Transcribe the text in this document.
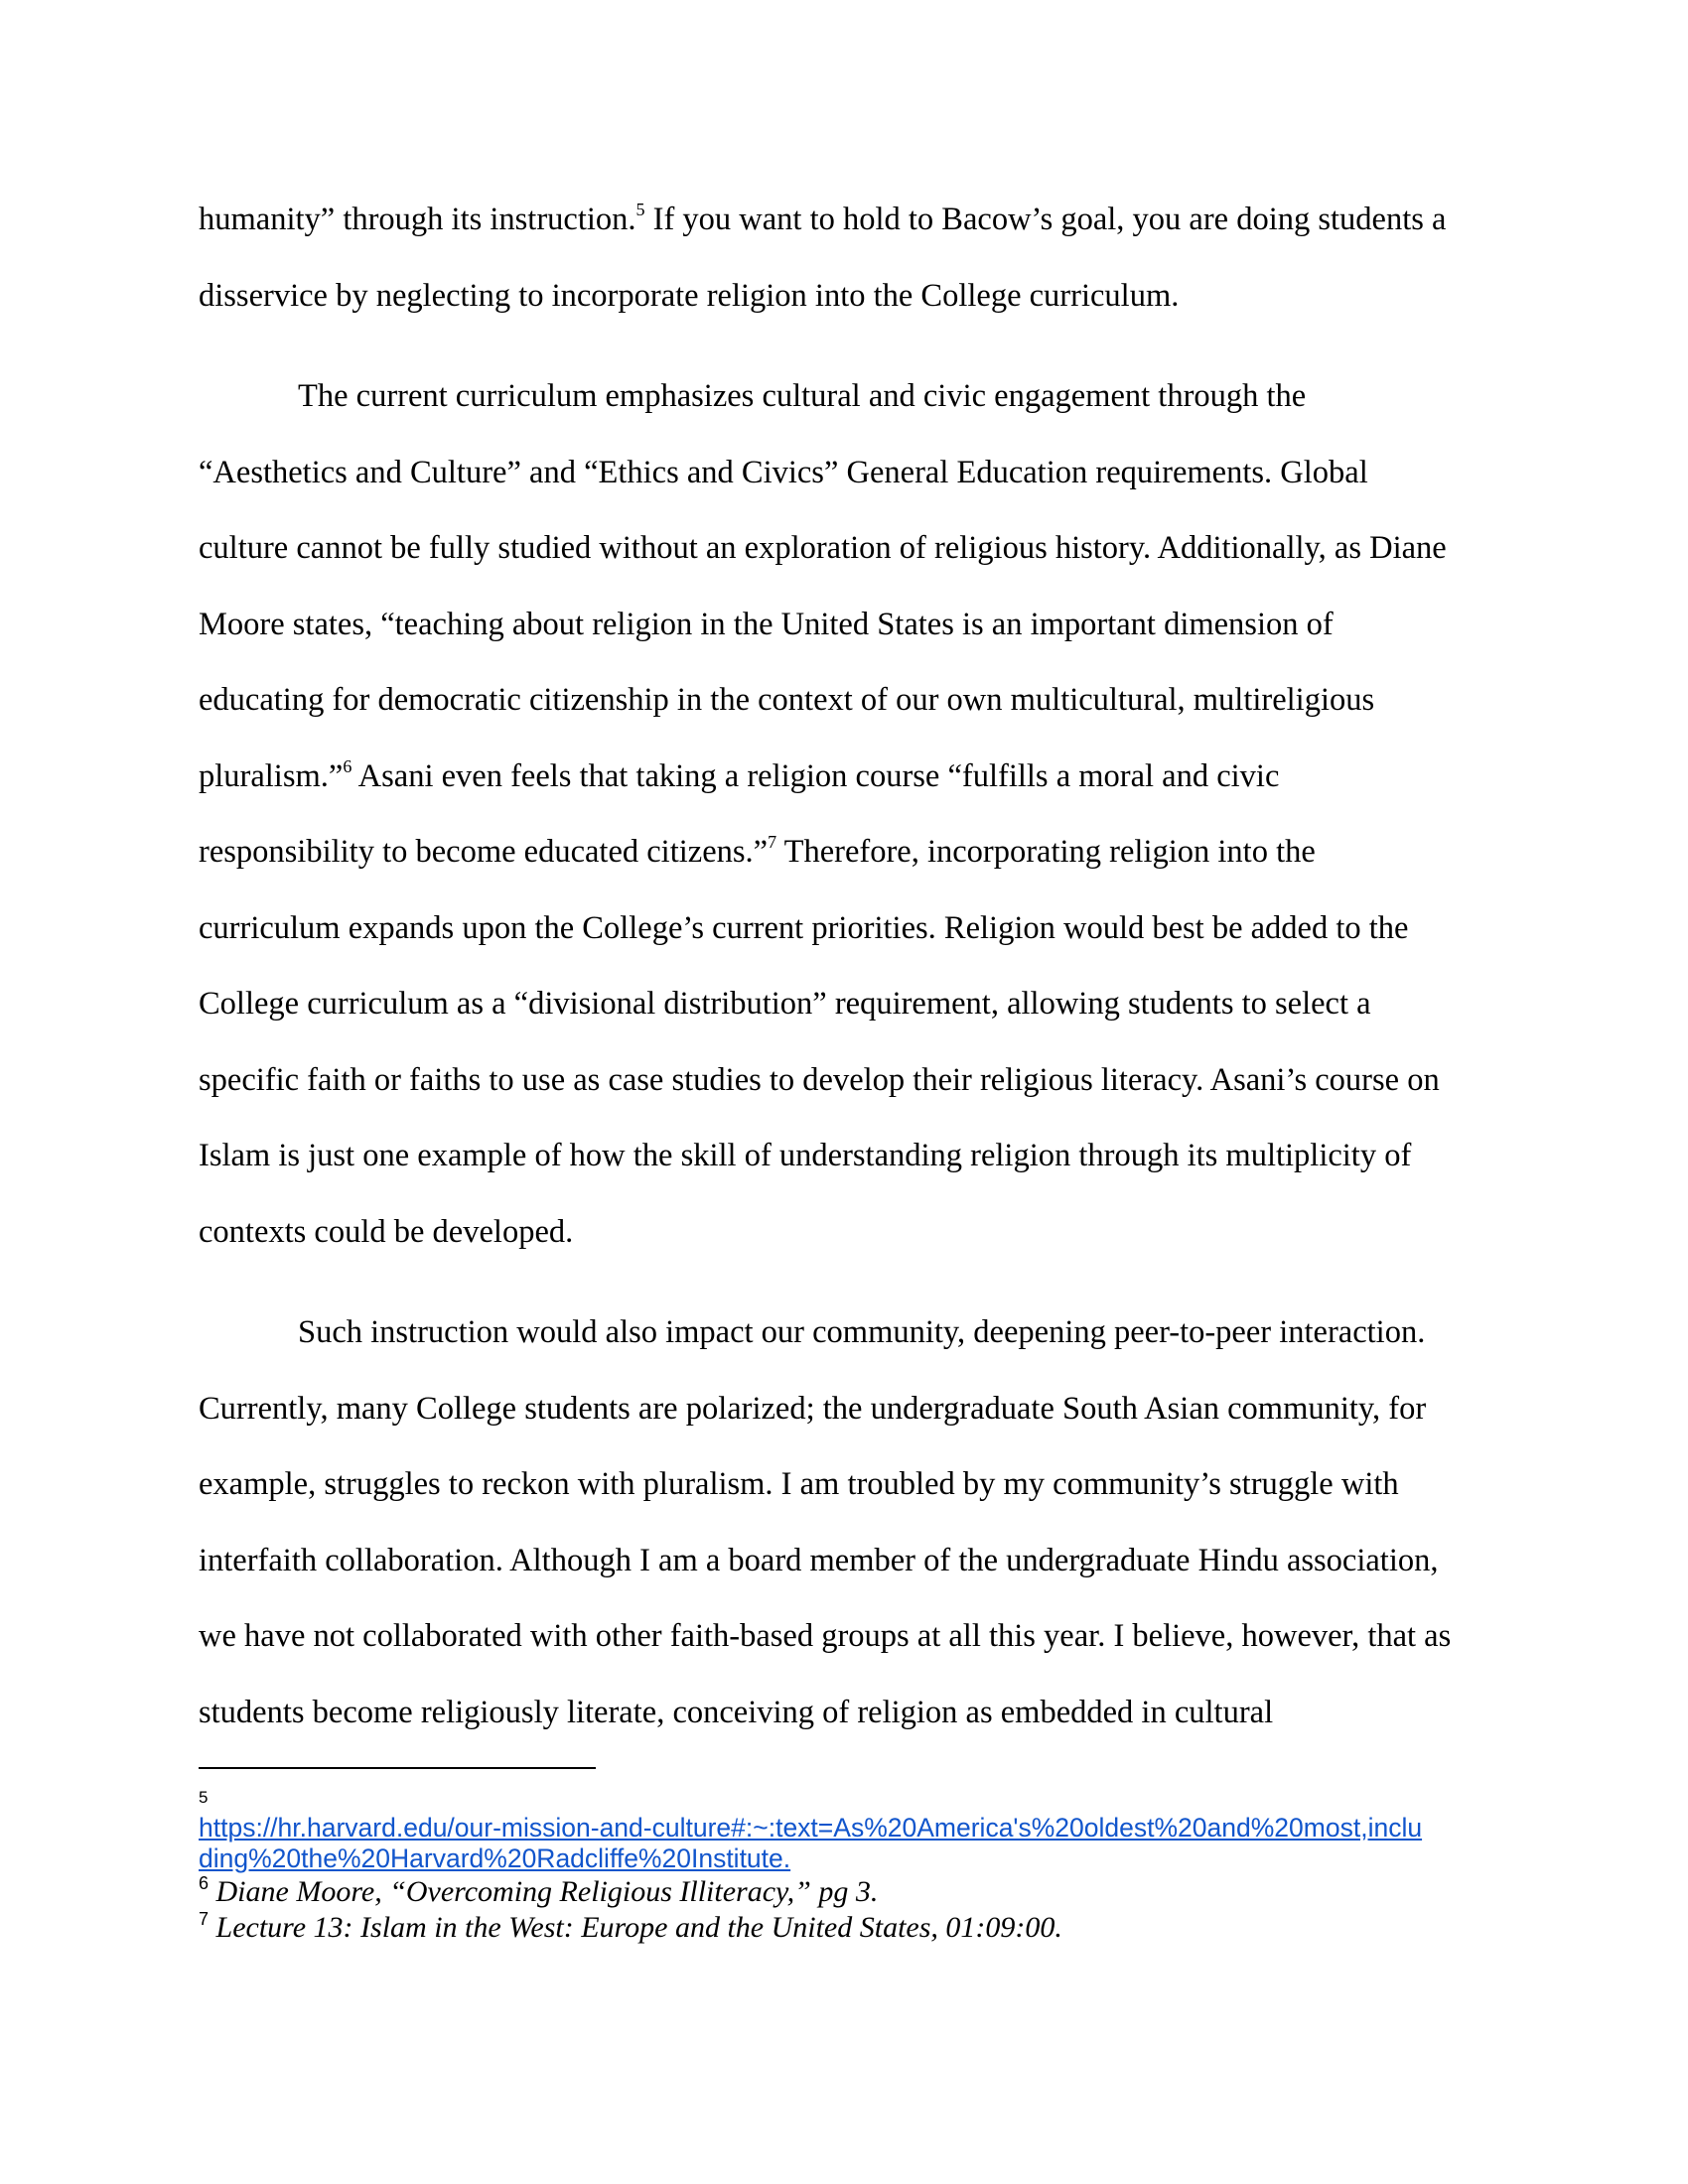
humanity” through its instruction.$^5$ If you want to hold to Bacow’s goal, you are doing students a
disservice by neglecting to incorporate religion into the College curriculum.
The current curriculum emphasizes cultural and civic engagement through the
“Aesthetics and Culture” and “Ethics and Civics” General Education requirements. Global
culture cannot be fully studied without an exploration of religious history. Additionally, as Diane
Moore states, “teaching about religion in the United States is an important dimension of
educating for democratic citizenship in the context of our own multicultural, multireligious
pluralism.”$^6$ Asani even feels that taking a religion course “fulfills a moral and civic
responsibility to become educated citizens.”$^7$ Therefore, incorporating religion into the
curriculum expands upon the College’s current priorities. Religion would best be added to the
College curriculum as a “divisional distribution” requirement, allowing students to select a
specific faith or faiths to use as case studies to develop their religious literacy. Asani’s course on
Islam is just one example of how the skill of understanding religion through its multiplicity of
contexts could be developed.
Such instruction would also impact our community, deepening peer-to-peer interaction.
Currently, many College students are polarized; the undergraduate South Asian community, for
example, struggles to reckon with pluralism. I am troubled by my community’s struggle with
interfaith collaboration. Although I am a board member of the undergraduate Hindu association,
we have not collaborated with other faith-based groups at all this year. I believe, however, that as
students become religiously literate, conceiving of religion as embedded in cultural
5
https://hr.harvard.edu/our-mission-and-culture#:~:text=As%20America's%20oldest%20and%20most,inclu
ding%20the%20Harvard%20Radcliffe%20Institute.
$^6$ Diane Moore, “Overcoming Religious Illiteracy,” pg 3.
$^7$ Lecture 13: Islam in the West: Europe and the United States, 01:09:00.
